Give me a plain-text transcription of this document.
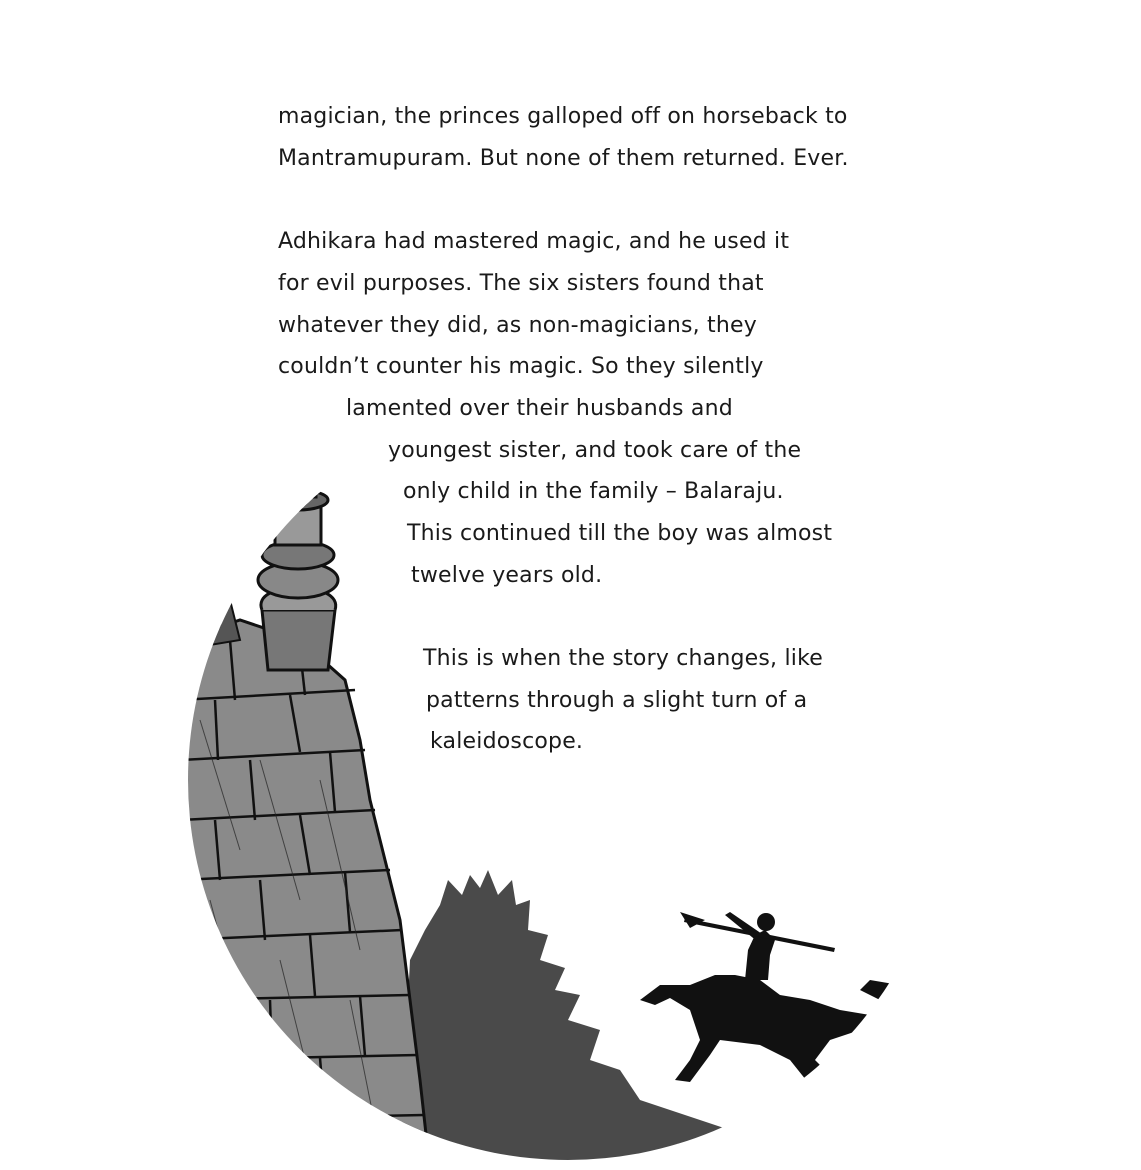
magician, the princes galloped off on horseback to

Mantramupuram. But none of them returned. Ever.

Adhikara had mastered magic, and he used it

for evil purposes. The six sisters found that

whatever they did, as non-magicians, they

couldn’t counter his magic. So they silently

lamented over their husbands and

youngest sister, and took care of the

only child in the family – Balaraju.

This continued till the boy was almost

twelve years old.

This is when the story changes, like

patterns through a slight turn of a

kaleidoscope.
